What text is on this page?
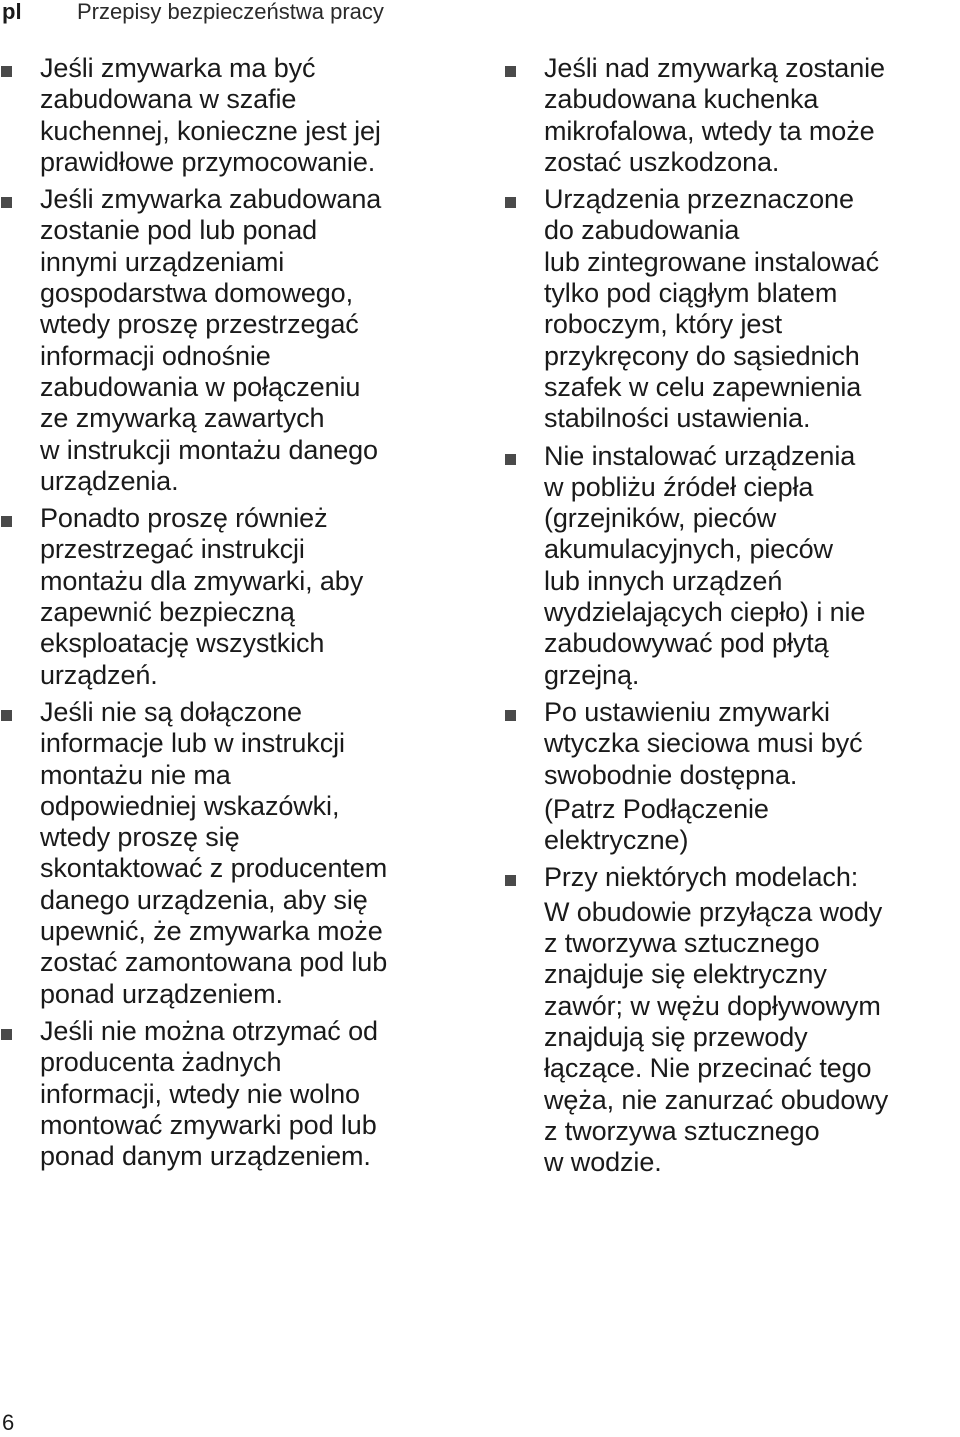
pl	Przepisy bezpieczeństwa pracy
Jeśli zmywarka ma być
zabudowana w szafie
kuchennej, konieczne jest jej
prawidłowe przymocowanie.
Jeśli zmywarka zabudowana
zostanie pod lub ponad
innymi urządzeniami
gospodarstwa domowego,
wtedy proszę przestrzegać
informacji odnośnie
zabudowania w połączeniu
ze zmywarką zawartych
w instrukcji montażu danego
urządzenia.
Ponadto proszę również
przestrzegać instrukcji
montażu dla zmywarki, aby
zapewnić bezpieczną
eksploatację wszystkich
urządzeń.
Jeśli nie są dołączone
informacje lub w instrukcji
montażu nie ma
odpowiedniej wskazówki,
wtedy proszę się
skontaktować z producentem
danego urządzenia, aby się
upewnić, że zmywarka może
zostać zamontowana pod lub
ponad urządzeniem.
Jeśli nie można otrzymać od
producenta żadnych
informacji, wtedy nie wolno
montować zmywarki pod lub
ponad danym urządzeniem.
Jeśli nad zmywarką zostanie
zabudowana kuchenka
mikrofalowa, wtedy ta może
zostać uszkodzona.
Urządzenia przeznaczone
do zabudowania
lub zintegrowane instalować
tylko pod ciągłym blatem
roboczym, który jest
przykręcony do sąsiednich
szafek w celu zapewnienia
stabilności ustawienia.
Nie instalować urządzenia
w pobliżu źródeł ciepła
(grzejników, pieców
akumulacyjnych, pieców
lub innych urządzeń
wydzielających ciepło) i nie
zabudowywać pod płytą
grzejną.
Po ustawieniu zmywarki
wtyczka sieciowa musi być
swobodnie dostępna.
(Patrz Podłączenie
elektryczne)
Przy niektórych modelach:
W obudowie przyłącza wody
z tworzywa sztucznego
znajduje się elektryczny
zawór; w wężu dopływowym
znajdują się przewody
łączące. Nie przecinać tego
węża, nie zanurzać obudowy
z tworzywa sztucznego
w wodzie.
6
